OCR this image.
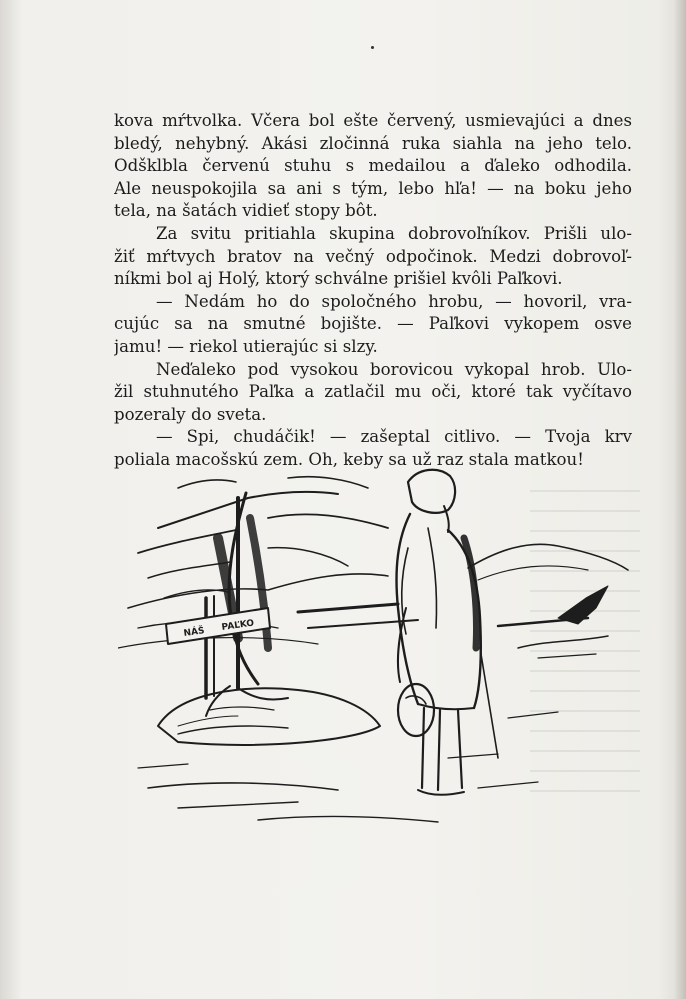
kova mŕtvolka. Včera bol ešte červený, usmievajúci a dnes
bledý, nehybný. Akási zločinná ruka siahla na jeho telo.
Odšklbla červenú stuhu s medailou a ďaleko odhodila.
Ale neuspokojila sa ani s tým, lebo hľa! — na boku jeho
tela, na šatách vidieť stopy bôt.
Za svitu pritiahla skupina dobrovoľníkov. Prišli ulo-
žiť mŕtvych bratov na večný odpočinok. Medzi dobrovoľ-
níkmi bol aj Holý, ktorý schválne prišiel kvôli Paľkovi.
— Nedám ho do spoločného hrobu, — hovoril, vra-
cujúc sa na smutné bojište. — Paľkovi vykopem osve
jamu! — riekol utierajúc si slzy.
Neďaleko pod vysokou borovicou vykopal hrob. Ulo-
žil stuhnutého Paľka a zatlačil mu oči, ktoré tak vyčítavo
pozeraly do sveta.
— Spi, chudáčik! — zašeptal citlivo. — Tvoja krv
poliala macošskú zem. Oh, keby sa už raz stala matkou!
NÁŠ PAĽKO
